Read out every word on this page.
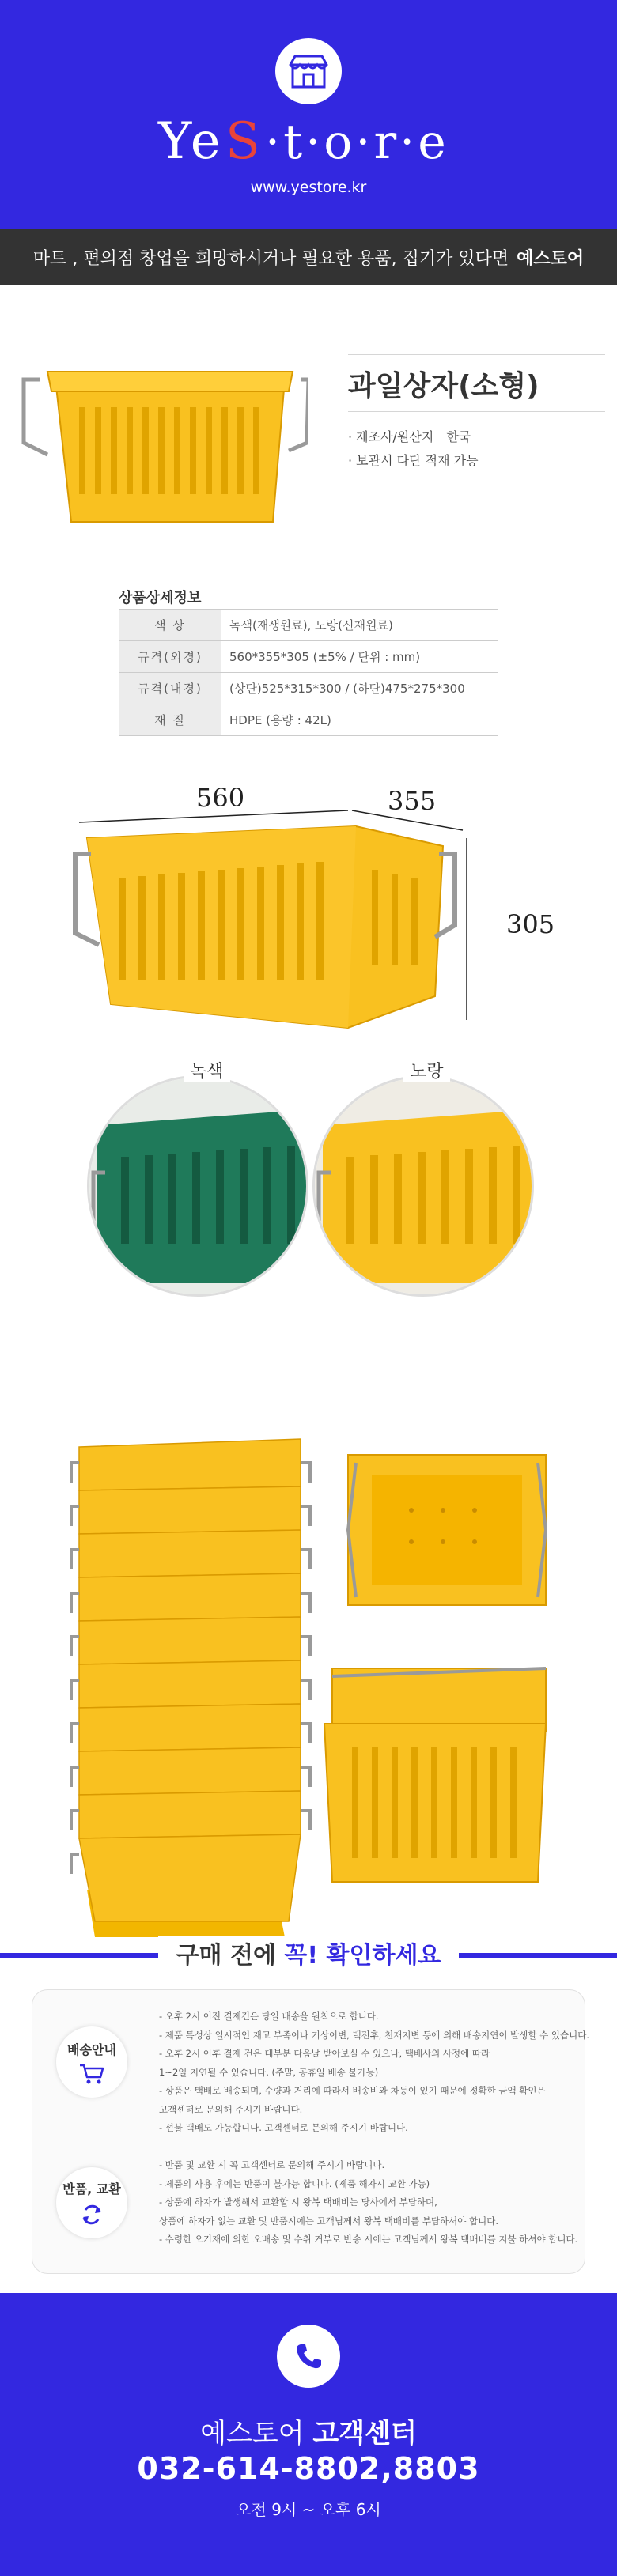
Ye S ·t·o·r·e
www.yestore.kr
마트 , 편의점 창업을 희망하시거나 필요한 용품, 집기가 있다면 예스토어
과일상자(소형)
· 제조사/원산지 한국
· 보관시 다단 적재 가능
상품상세정보
색 상	녹색(재생원료), 노랑(신재원료)
규격(외경)	560*355*305 (±5% / 단위 : mm)
규격(내경)	(상단)525*315*300 / (하단)475*275*300
재 질	HDPE (용량 : 42L)
560	355
305
녹색	노랑
구매 전에 꼭! 확인하세요
배송안내
- 오후 2시 이전 결제건은 당일 배송을 원칙으로 합니다.
- 제품 특성상 일시적인 재고 부족이나 기상이변, 택전후, 천재지변 등에 의해 배송지연이 발생할 수 있습니다.
- 오후 2시 이후 결제 건은 대부분 다음날 받아보실 수 있으나, 택배사의 사정에 따라
1~2일 지연될 수 있습니다. (주말, 공휴일 배송 불가능)
- 상품은 택배로 배송되며, 수량과 거리에 따라서 배송비와 차등이 있기 때문에 정확한 금액 확인은
고객센터로 문의해 주시기 바랍니다.
- 선불 택배도 가능합니다. 고객센터로 문의해 주시기 바랍니다.
반품, 교환
- 반품 및 교환 시 꼭 고객센터로 문의해 주시기 바랍니다.
- 제품의 사용 후에는 반품이 불가능 합니다. (제품 해자시 교환 가능)
- 상품에 하자가 발생해서 교환할 시 왕복 택배비는 당사에서 부담하며,
상품에 하자가 없는 교환 및 반품시에는 고객님께서 왕복 택배비를 부담하셔야 합니다.
- 수령한 오기재에 의한 오배송 및 수취 거부로 반송 시에는 고객님께서 왕복 택배비를 지불 하셔야 합니다.
예스토어 고객센터
032-614-8802,8803
오전 9시 ~ 오후 6시
